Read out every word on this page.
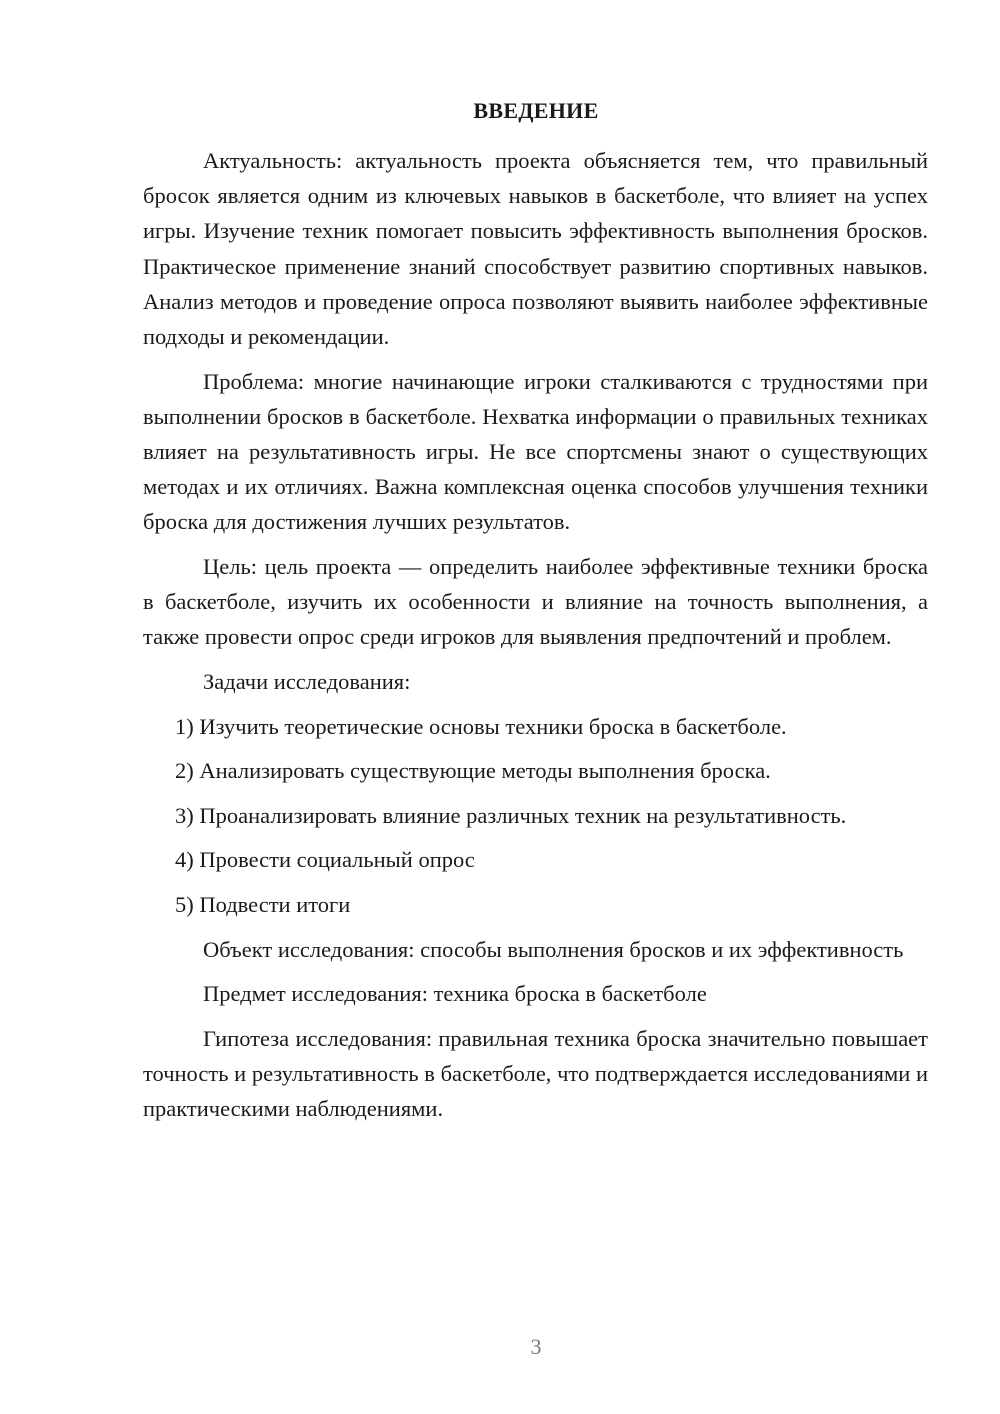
ВВЕДЕНИЕ

Актуальность: актуальность проекта объясняется тем, что правильный бросок является одним из ключевых навыков в баскетболе, что влияет на успех игры. Изучение техник помогает повысить эффективность выполнения бросков. Практическое применение знаний способствует развитию спортивных навыков. Анализ методов и проведение опроса позволяют выявить наиболее эффективные подходы и рекомендации.

Проблема: многие начинающие игроки сталкиваются с трудностями при выполнении бросков в баскетболе. Нехватка информации о правильных техниках влияет на результативность игры. Не все спортсмены знают о существующих методах и их отличиях. Важна комплексная оценка способов улучшения техники броска для достижения лучших результатов.

Цель: цель проекта — определить наиболее эффективные техники броска в баскетболе, изучить их особенности и влияние на точность выполнения, а также провести опрос среди игроков для выявления предпочтений и проблем.

Задачи исследования:

1) Изучить теоретические основы техники броска в баскетболе.

2) Анализировать существующие методы выполнения броска.

3) Проанализировать влияние различных техник на результативность.

4) Провести социальный опрос

5) Подвести итоги

Объект исследования: способы выполнения бросков и их эффективность

Предмет исследования: техника броска в баскетболе

Гипотеза исследования: правильная техника броска значительно повышает точность и результативность в баскетболе, что подтверждается исследованиями и практическими наблюдениями.

3
